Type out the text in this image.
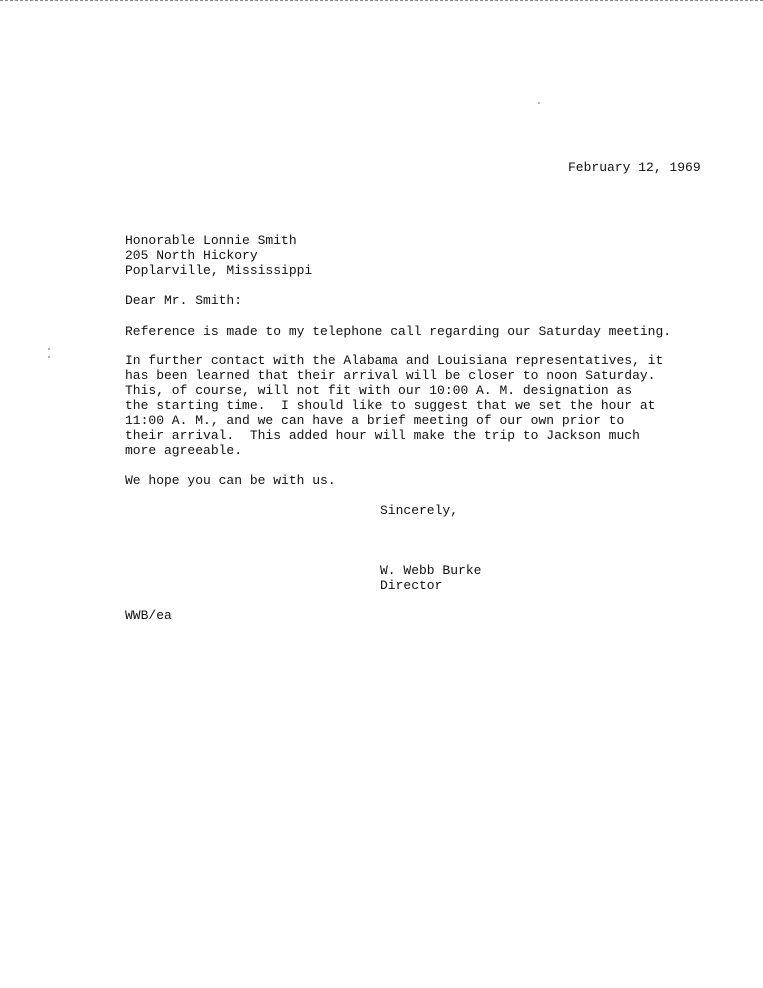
February 12, 1969
Honorable Lonnie Smith
205 North Hickory
Poplarville, Mississippi
Dear Mr. Smith:
Reference is made to my telephone call regarding our Saturday meeting.
In further contact with the Alabama and Louisiana representatives, it
has been learned that their arrival will be closer to noon Saturday.
This, of course, will not fit with our 10:00 A. M. designation as
the starting time.  I should like to suggest that we set the hour at
11:00 A. M., and we can have a brief meeting of our own prior to
their arrival.  This added hour will make the trip to Jackson much
more agreeable.
We hope you can be with us.
Sincerely,
W. Webb Burke
Director
WWB/ea
